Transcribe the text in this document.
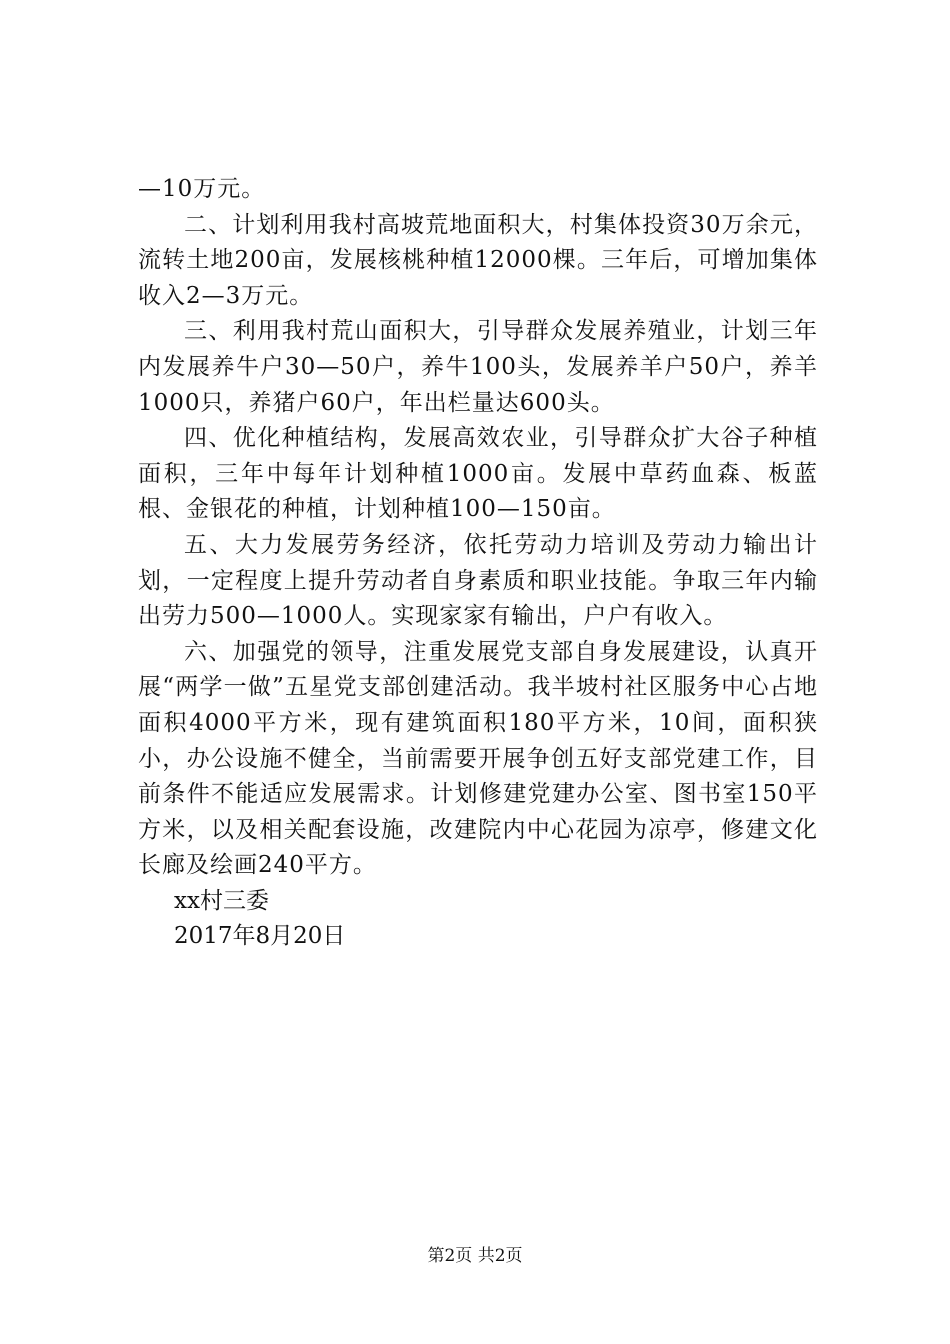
—10万元。

二、计划利用我村高坡荒地面积大，村集体投资30万余元，流转土地200亩，发展核桃种植12000棵。三年后，可增加集体收入2—3万元。

三、利用我村荒山面积大，引导群众发展养殖业，计划三年内发展养牛户30—50户，养牛100头，发展养羊户50户，养羊1000只，养猪户60户，年出栏量达600头。

四、优化种植结构，发展高效农业，引导群众扩大谷子种植面积，三年中每年计划种植1000亩。发展中草药血森、板蓝根、金银花的种植，计划种植100—150亩。

五、大力发展劳务经济，依托劳动力培训及劳动力输出计划，一定程度上提升劳动者自身素质和职业技能。争取三年内输出劳力500—1000人。实现家家有输出，户户有收入。

六、加强党的领导，注重发展党支部自身发展建设，认真开展“两学一做”五星党支部创建活动。我半坡村社区服务中心占地面积4000平方米，现有建筑面积180平方米，10间，面积狭小，办公设施不健全，当前需要开展争创五好支部党建工作，目前条件不能适应发展需求。计划修建党建办公室、图书室150平方米，以及相关配套设施，改建院内中心花园为凉亭，修建文化长廊及绘画240平方。

xx村三委

2017年8月20日

第2页 共2页
